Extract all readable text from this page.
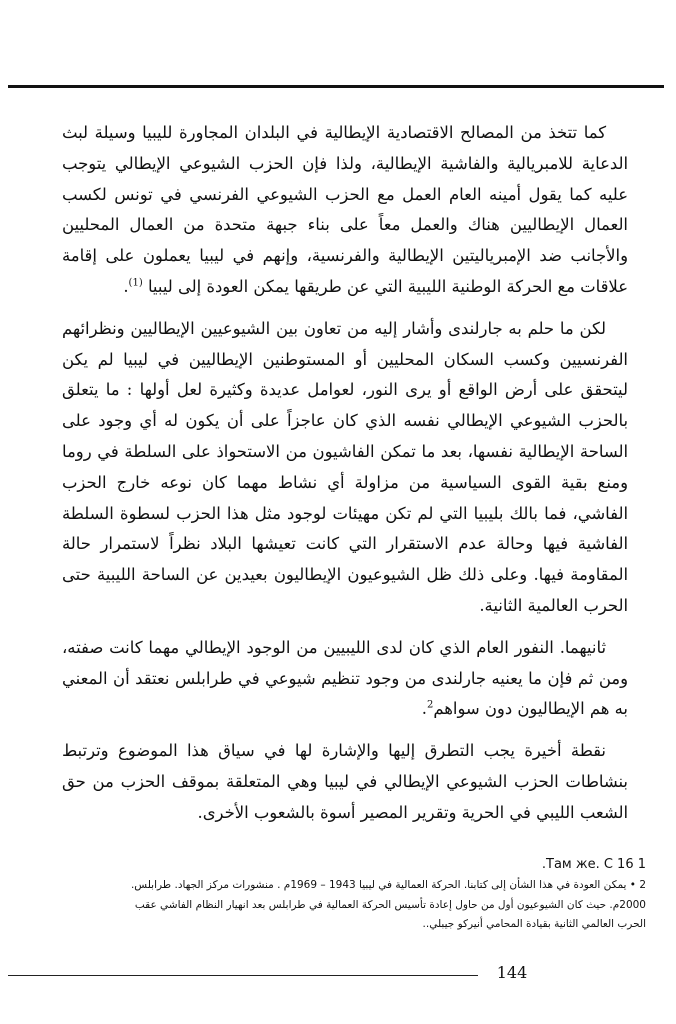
كما تتخذ من المصالح الاقتصادية الإيطالية في البلدان المجاورة لليبيا وسيلة لبث الدعاية للامبريالية والفاشية الإيطالية، ولذا فإن الحزب الشيوعي الإيطالي يتوجب عليه كما يقول أمينه العام العمل مع الحزب الشيوعي الفرنسي في تونس لكسب العمال الإيطاليين هناك والعمل معاً على بناء جبهة متحدة من العمال المحليين والأجانب ضد الإمبرياليتين الإيطالية والفرنسية، وإنهم في ليبيا يعملون على إقامة علاقات مع الحركة الوطنية الليبية التي عن طريقها يمكن العودة إلى ليبيا $^{(1)}$.

لكن ما حلم به جارلندى وأشار إليه من تعاون بين الشيوعيين الإيطاليين ونظرائهم الفرنسيين وكسب السكان المحليين أو المستوطنين الإيطاليين في ليبيا لم يكن ليتحقق على أرض الواقع أو يرى النور، لعوامل عديدة وكثيرة لعل أولها : ما يتعلق بالحزب الشيوعي الإيطالي نفسه الذي كان عاجزاً على أن يكون له أي وجود على الساحة الإيطالية نفسها، بعد ما تمكن الفاشيون من الاستحواذ على السلطة في روما ومنع بقية القوى السياسية من مزاولة أي نشاط مهما كان نوعه خارج الحزب الفاشي، فما بالك بليبيا التي لم تكن مهيئات لوجود مثل هذا الحزب لسطوة السلطة الفاشية فيها وحالة عدم الاستقرار التي كانت تعيشها البلاد نظراً لاستمرار حالة المقاومة فيها. وعلى ذلك ظل الشيوعيون الإيطاليون بعيدين عن الساحة الليبية حتى الحرب العالمية الثانية.

ثانيهما. النفور العام الذي كان لدى الليبيين من الوجود الإيطالي مهما كانت صفته، ومن ثم فإن ما يعنيه جارلندى من وجود تنظيم شيوعي في طرابلس نعتقد أن المعني به هم الإيطاليون دون سواهم$^2$.

نقطة أخيرة يجب التطرق إليها والإشارة لها في سياق هذا الموضوع وترتبط بنشاطات الحزب الشيوعي الإيطالي في ليبيا وهي المتعلقة بموقف الحزب من حق الشعب الليبي في الحرية وتقرير المصير أسوة بالشعوب الأخرى.

.Там же. С 16 1
2 • يمكن العودة في هذا الشأن إلى كتابنا. الحركة العمالية في ليبيا 1943 – 1969م . منشورات مركز الجهاد. طرابلس.
2000م. حيث كان الشيوعيون أول من حاول إعادة تأسيس الحركة العمالية في طرابلس بعد انهيار النظام الفاشي عقب
الحرب العالمي الثانية بقيادة المحامي أنيركو جيبلي..
144
